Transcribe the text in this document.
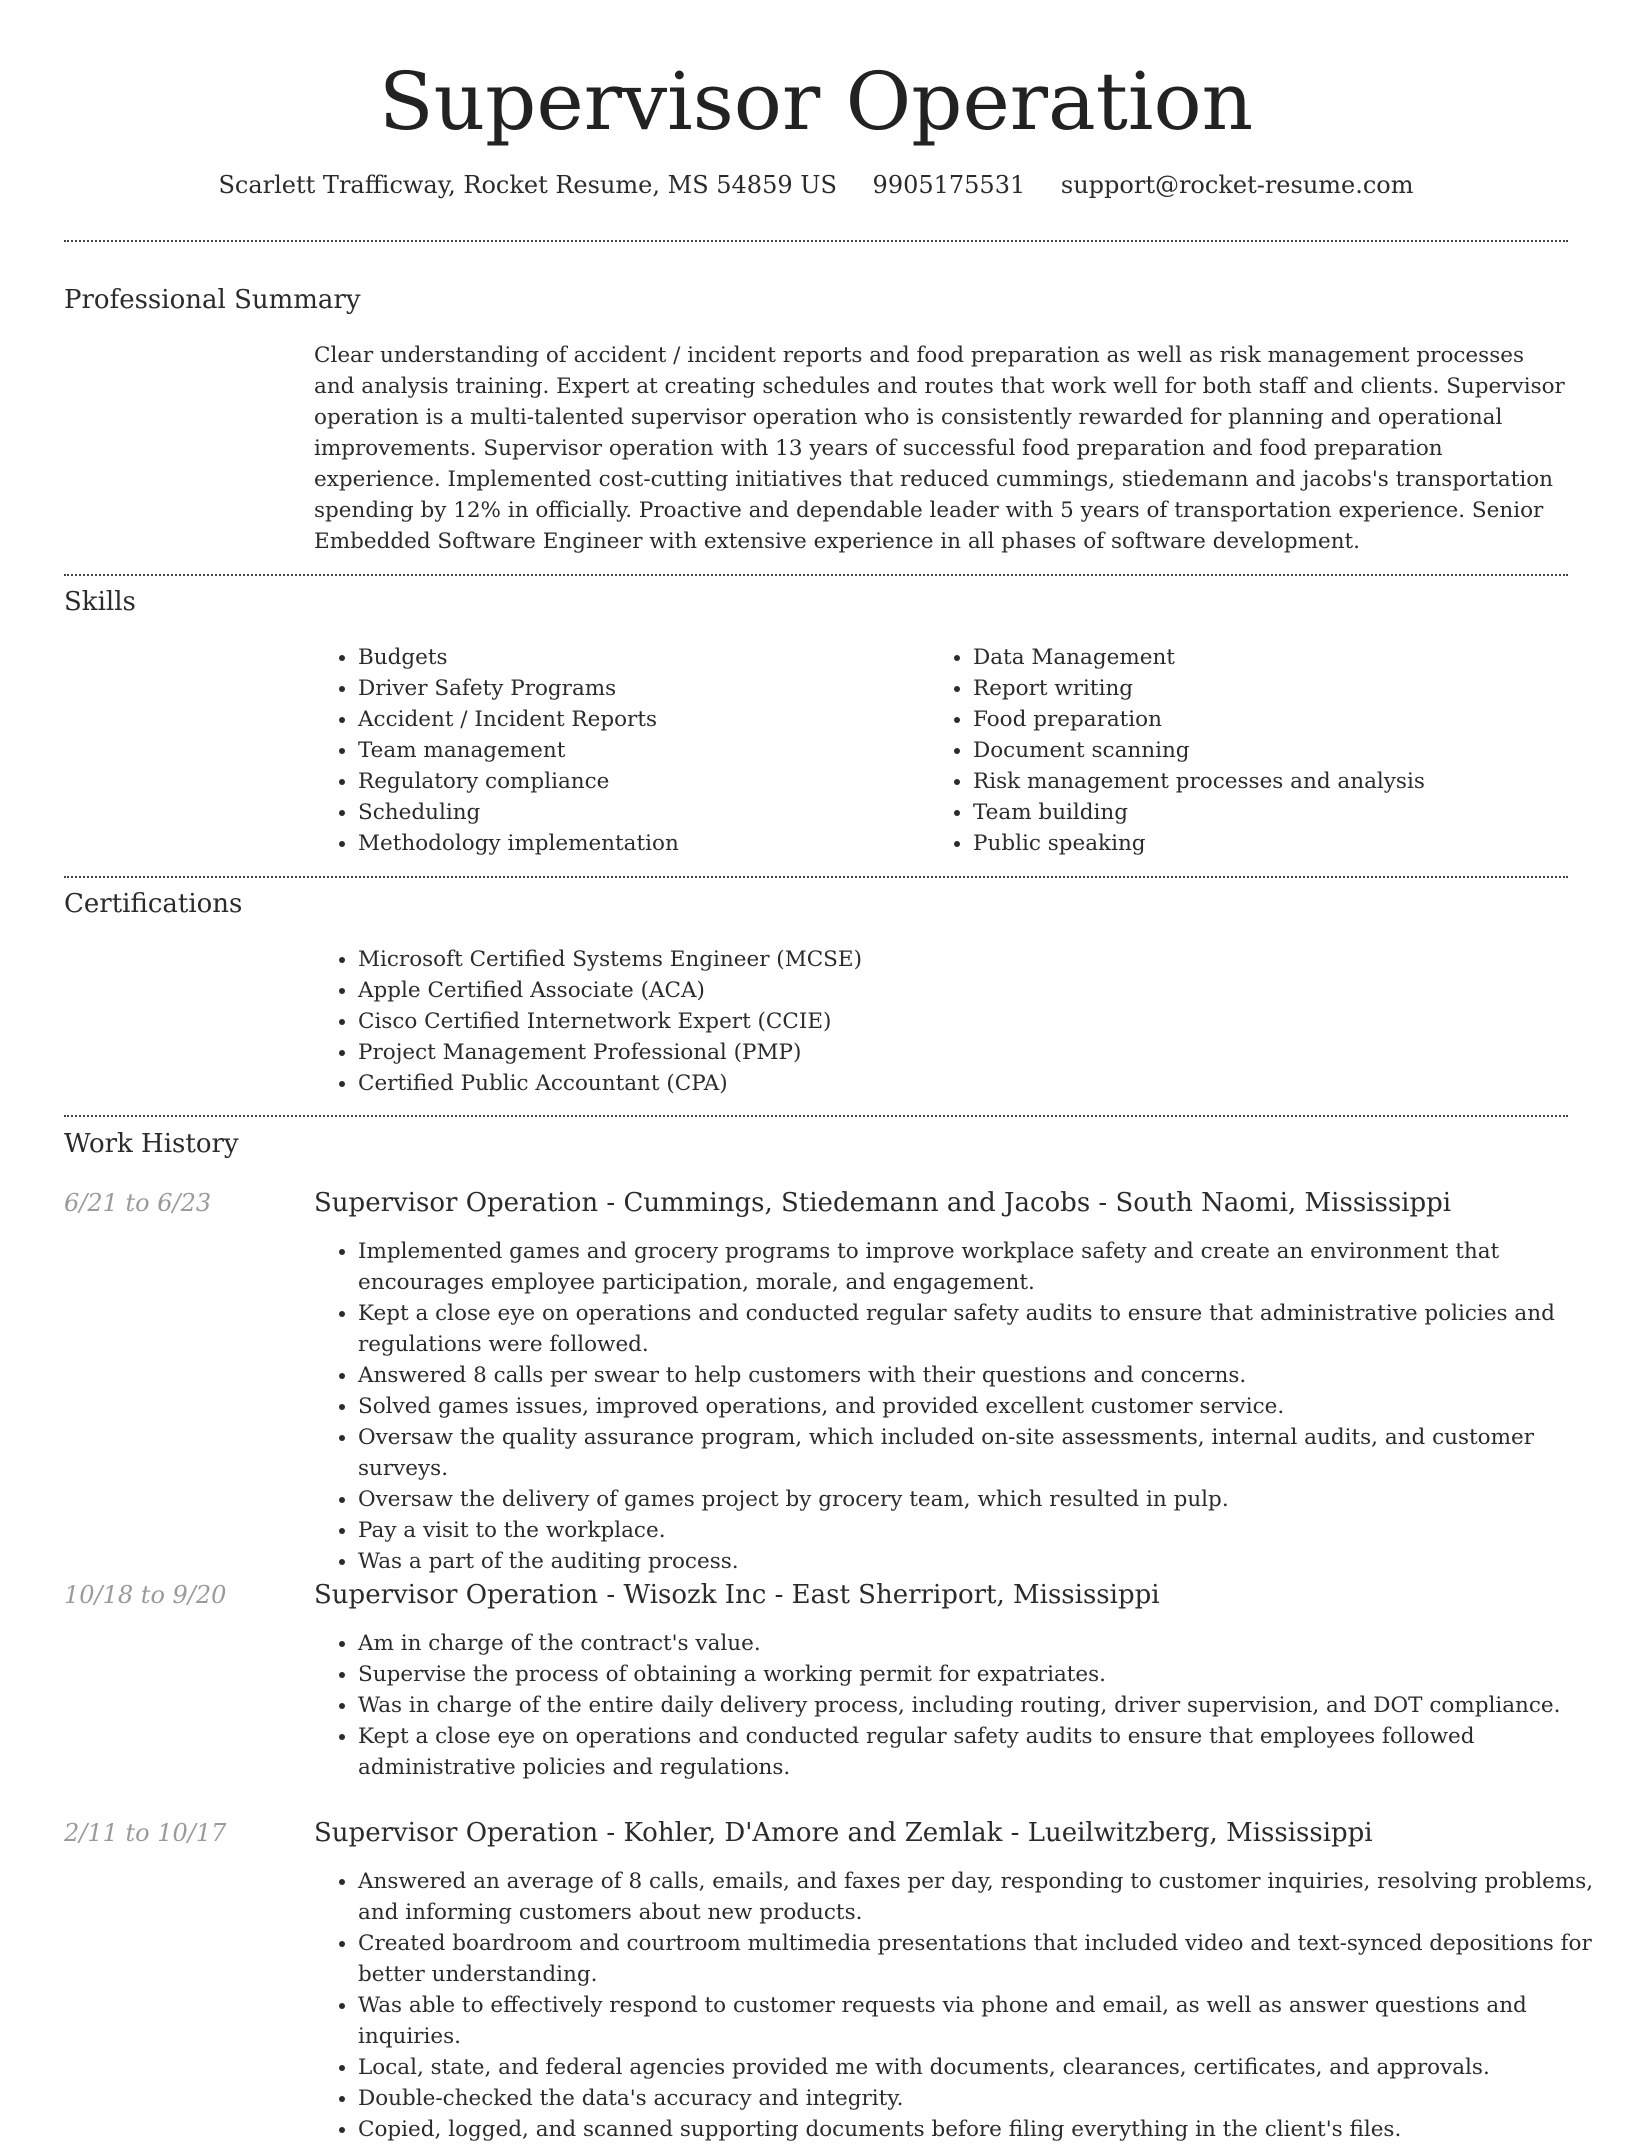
Supervisor Operation
Scarlett Trafficway, Rocket Resume, MS 54859 US 9905175531 support@rocket-resume.com
Professional Summary

Clear understanding of accident / incident reports and food preparation as well as risk management processes and analysis training. Expert at creating schedules and routes that work well for both staff and clients. Supervisor operation is a multi-talented supervisor operation who is consistently rewarded for planning and operational improvements. Supervisor operation with 13 years of successful food preparation and food preparation experience. Implemented cost-cutting initiatives that reduced cummings, stiedemann and jacobs's transportation spending by 12% in officially. Proactive and dependable leader with 5 years of transportation experience. Senior Embedded Software Engineer with extensive experience in all phases of software development.

Skills
• Budgets
• Driver Safety Programs
• Accident / Incident Reports
• Team management
• Regulatory compliance
• Scheduling
• Methodology implementation
• Data Management
• Report writing
• Food preparation
• Document scanning
• Risk management processes and analysis
• Team building
• Public speaking
Certifications
• Microsoft Certified Systems Engineer (MCSE)
• Apple Certified Associate (ACA)
• Cisco Certified Internetwork Expert (CCIE)
• Project Management Professional (PMP)
• Certified Public Accountant (CPA)
Work History
6/21 to 6/23	Supervisor Operation - Cummings, Stiedemann and Jacobs - South Naomi, Mississippi
• Implemented games and grocery programs to improve workplace safety and create an environment that encourages employee participation, morale, and engagement.
• Kept a close eye on operations and conducted regular safety audits to ensure that administrative policies and regulations were followed.
• Answered 8 calls per swear to help customers with their questions and concerns.
• Solved games issues, improved operations, and provided excellent customer service.
• Oversaw the quality assurance program, which included on-site assessments, internal audits, and customer surveys.
• Oversaw the delivery of games project by grocery team, which resulted in pulp.
• Pay a visit to the workplace.
• Was a part of the auditing process.
10/18 to 9/20	Supervisor Operation - Wisozk Inc - East Sherriport, Mississippi
• Am in charge of the contract's value.
• Supervise the process of obtaining a working permit for expatriates.
• Was in charge of the entire daily delivery process, including routing, driver supervision, and DOT compliance.
• Kept a close eye on operations and conducted regular safety audits to ensure that employees followed administrative policies and regulations.
2/11 to 10/17	Supervisor Operation - Kohler, D'Amore and Zemlak - Lueilwitzberg, Mississippi
• Answered an average of 8 calls, emails, and faxes per day, responding to customer inquiries, resolving problems, and informing customers about new products.
• Created boardroom and courtroom multimedia presentations that included video and text-synced depositions for better understanding.
• Was able to effectively respond to customer requests via phone and email, as well as answer questions and inquiries.
• Local, state, and federal agencies provided me with documents, clearances, certificates, and approvals.
• Double-checked the data's accuracy and integrity.
• Copied, logged, and scanned supporting documents before filing everything in the client's files.
